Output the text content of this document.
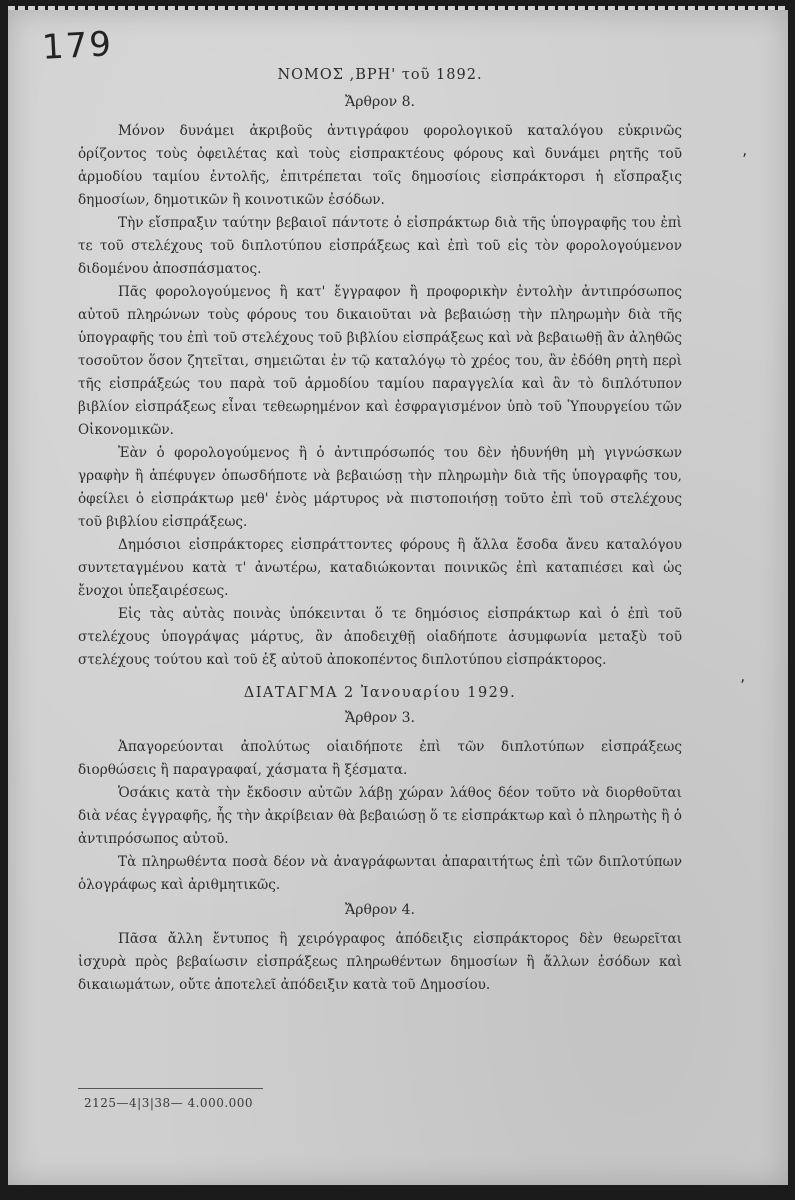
179
ΝΟΜΟΣ ,ΒΡΗ' τοῦ 1892.
Ἄρθρον 8.

Μόνον δυνάμει ἀκριβοῦς ἀντιγράφου φορολογικοῦ καταλόγου εὐκρινῶς ὁρίζοντος τοὺς ὀφειλέτας καὶ τοὺς εἰσπρακτέους φόρους καὶ δυνάμει ρητῆς τοῦ ἁρμοδίου ταμίου ἐντολῆς, ἐπιτρέπεται τοῖς δημοσίοις εἰσπράκτορσι ἡ εἴσπραξις δημοσίων, δημοτικῶν ἢ κοινοτικῶν ἐσόδων.

Τὴν εἴσπραξιν ταύτην βεβαιοῖ πάντοτε ὁ εἰσπράκτωρ διὰ τῆς ὑπογραφῆς του ἐπὶ τε τοῦ στελέχους τοῦ διπλοτύπου εἰσπράξεως καὶ ἐπὶ τοῦ εἰς τὸν φορολογούμενον διδομένου ἀποσπάσματος.

Πᾶς φορολογούμενος ἢ κατ' ἔγγραφον ἢ προφορικὴν ἐντολὴν ἀντιπρόσωπος αὐτοῦ πληρώνων τοὺς φόρους του δικαιοῦται νὰ βεβαιώσῃ τὴν πληρωμὴν διὰ τῆς ὑπογραφῆς του ἐπὶ τοῦ στελέχους τοῦ βιβλίου εἰσπράξεως καὶ νὰ βεβαιωθῇ ἂν ἀληθῶς τοσοῦτον ὅσον ζητεῖται, σημειῶται ἐν τῷ καταλόγῳ τὸ χρέος του, ἂν ἐδόθη ρητὴ περὶ τῆς εἰσπράξεώς του παρὰ τοῦ ἁρμοδίου ταμίου παραγγελία καὶ ἂν τὸ διπλότυπον βιβλίον εἰσπράξεως εἶναι τεθεωρημένον καὶ ἐσφραγισμένον ὑπὸ τοῦ Ὑπουργείου τῶν Οἰκονομικῶν.

Ἐὰν ὁ φορολογούμενος ἢ ὁ ἀντιπρόσωπός του δὲν ἠδυνήθη μὴ γιγνώσκων γραφὴν ἢ ἀπέφυγεν ὁπωσδήποτε νὰ βεβαιώσῃ τὴν πληρωμὴν διὰ τῆς ὑπογραφῆς του, ὀφείλει ὁ εἰσπράκτωρ μεθ' ἑνὸς μάρτυρος νὰ πιστοποιήσῃ τοῦτο ἐπὶ τοῦ στελέχους τοῦ βιβλίου εἰσπράξεως.

Δημόσιοι εἰσπράκτορες εἰσπράττοντες φόρους ἢ ἄλλα ἔσοδα ἄνευ καταλόγου συντεταγμένου κατὰ τ' ἀνωτέρω, καταδιώκονται ποινικῶς ἐπὶ καταπιέσει καὶ ὡς ἔνοχοι ὑπεξαιρέσεως.

Εἰς τὰς αὐτὰς ποινὰς ὑπόκεινται ὅ τε δημόσιος εἰσπράκτωρ καὶ ὁ ἐπὶ τοῦ στελέχους ὑπογράψας μάρτυς, ἂν ἀποδειχθῇ οἱαδήποτε ἀσυμφωνία μεταξὺ τοῦ στελέχους τούτου καὶ τοῦ ἐξ αὐτοῦ ἀποκοπέντος διπλοτύπου εἰσπράκτορος.

ΔΙΑΤΑΓΜΑ 2 Ἰανουαρίου 1929.
Ἄρθρον 3.

Ἀπαγορεύονται ἀπολύτως οἱαιδήποτε ἐπὶ τῶν διπλοτύπων εἰσπράξεως διορθώσεις ἢ παραγραφαί, χάσματα ἢ ξέσματα.

Ὁσάκις κατὰ τὴν ἔκδοσιν αὐτῶν λάβῃ χώραν λάθος δέον τοῦτο νὰ διορθοῦται διὰ νέας ἐγγραφῆς, ἧς τὴν ἀκρίβειαν θὰ βεβαιώσῃ ὅ τε εἰσπράκτωρ καὶ ὁ πληρωτὴς ἢ ὁ ἀντιπρόσωπος αὐτοῦ.

Τὰ πληρωθέντα ποσὰ δέον νὰ ἀναγράφωνται ἀπαραιτήτως ἐπὶ τῶν διπλοτύπων ὁλογράφως καὶ ἀριθμητικῶς.

Ἄρθρον 4.

Πᾶσα ἄλλη ἔντυπος ἢ χειρόγραφος ἀπόδειξις εἰσπράκτορος δὲν θεωρεῖται ἰσχυρὰ πρὸς βεβαίωσιν εἰσπράξεως πληρωθέντων δημοσίων ἢ ἄλλων ἐσόδων καὶ δικαιωμάτων, οὔτε ἀποτελεῖ ἀπόδειξιν κατὰ τοῦ Δημοσίου.

ʼ
ʼ
2125—4|3|38— 4.000.000
